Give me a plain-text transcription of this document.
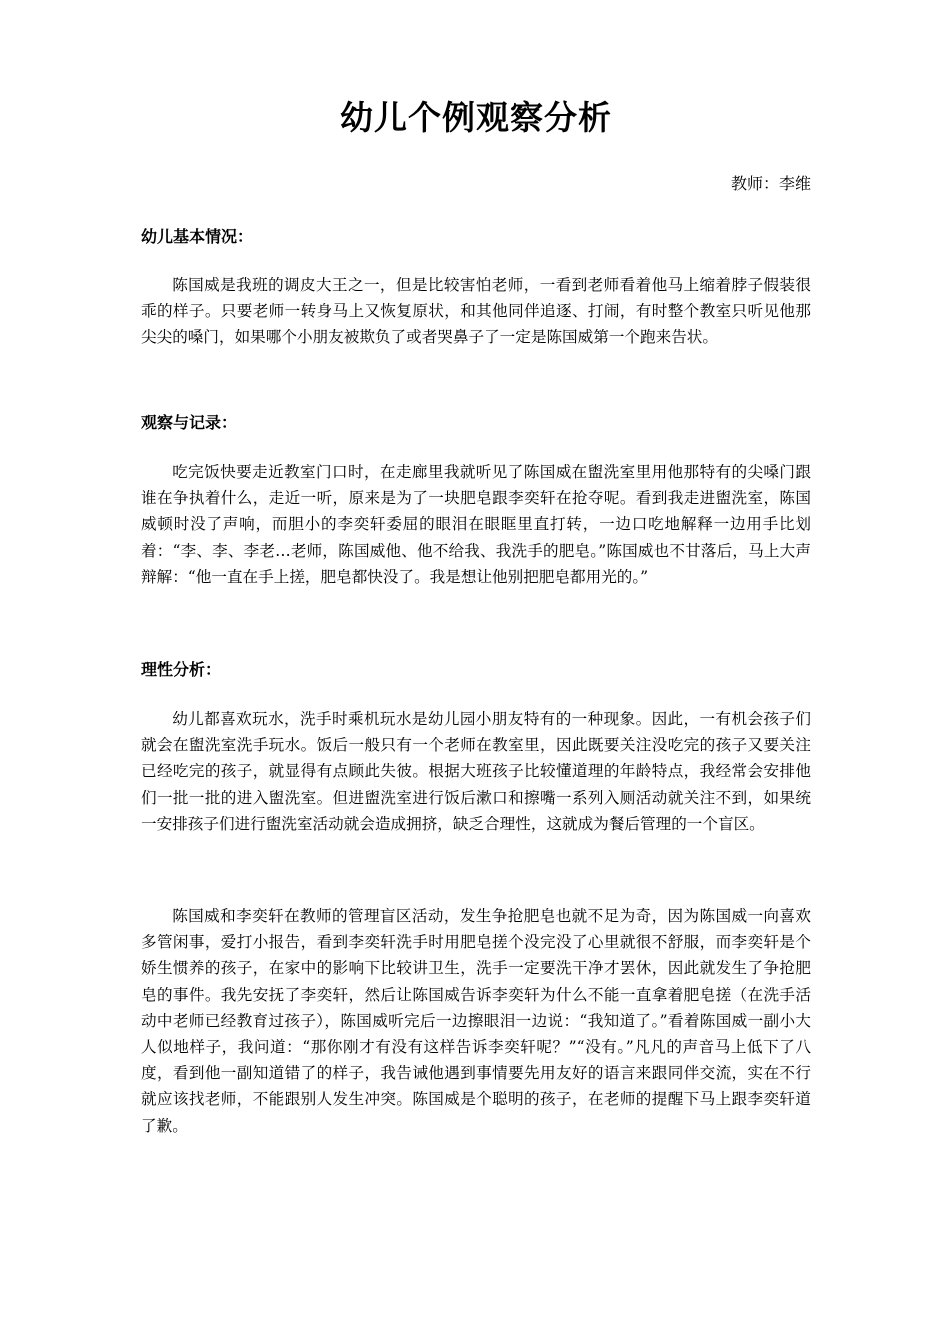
幼儿个例观察分析

教师：李维

幼儿基本情况：

陈国威是我班的调皮大王之一，但是比较害怕老师，一看到老师看着他马上缩着脖子假装很乖的样子。只要老师一转身马上又恢复原状，和其他同伴追逐、打闹，有时整个教室只听见他那尖尖的嗓门，如果哪个小朋友被欺负了或者哭鼻子了一定是陈国威第一个跑来告状。

观察与记录：

吃完饭快要走近教室门口时，在走廊里我就听见了陈国威在盥洗室里用他那特有的尖嗓门跟谁在争执着什么，走近一听，原来是为了一块肥皂跟李奕轩在抢夺呢。看到我走进盥洗室，陈国威顿时没了声响，而胆小的李奕轩委屈的眼泪在眼眶里直打转，一边口吃地解释一边用手比划着：“李、李、李老…老师，陈国威他、他不给我、我洗手的肥皂。”陈国威也不甘落后，马上大声辩解：“他一直在手上搓，肥皂都快没了。我是想让他别把肥皂都用光的。”

理性分析：

幼儿都喜欢玩水，洗手时乘机玩水是幼儿园小朋友特有的一种现象。因此，一有机会孩子们就会在盥洗室洗手玩水。饭后一般只有一个老师在教室里，因此既要关注没吃完的孩子又要关注已经吃完的孩子，就显得有点顾此失彼。根据大班孩子比较懂道理的年龄特点，我经常会安排他们一批一批的进入盥洗室。但进盥洗室进行饭后漱口和擦嘴一系列入厕活动就关注不到，如果统一安排孩子们进行盥洗室活动就会造成拥挤，缺乏合理性，这就成为餐后管理的一个盲区。

陈国威和李奕轩在教师的管理盲区活动，发生争抢肥皂也就不足为奇，因为陈国威一向喜欢多管闲事，爱打小报告，看到李奕轩洗手时用肥皂搓个没完没了心里就很不舒服，而李奕轩是个娇生惯养的孩子，在家中的影响下比较讲卫生，洗手一定要洗干净才罢休，因此就发生了争抢肥皂的事件。我先安抚了李奕轩，然后让陈国威告诉李奕轩为什么不能一直拿着肥皂搓（在洗手活动中老师已经教育过孩子），陈国威听完后一边擦眼泪一边说：“我知道了。”看着陈国威一副小大人似地样子，我问道：“那你刚才有没有这样告诉李奕轩呢？”“没有。”凡凡的声音马上低下了八度，看到他一副知道错了的样子，我告诫他遇到事情要先用友好的语言来跟同伴交流，实在不行就应该找老师，不能跟别人发生冲突。陈国威是个聪明的孩子，在老师的提醒下马上跟李奕轩道了歉。
